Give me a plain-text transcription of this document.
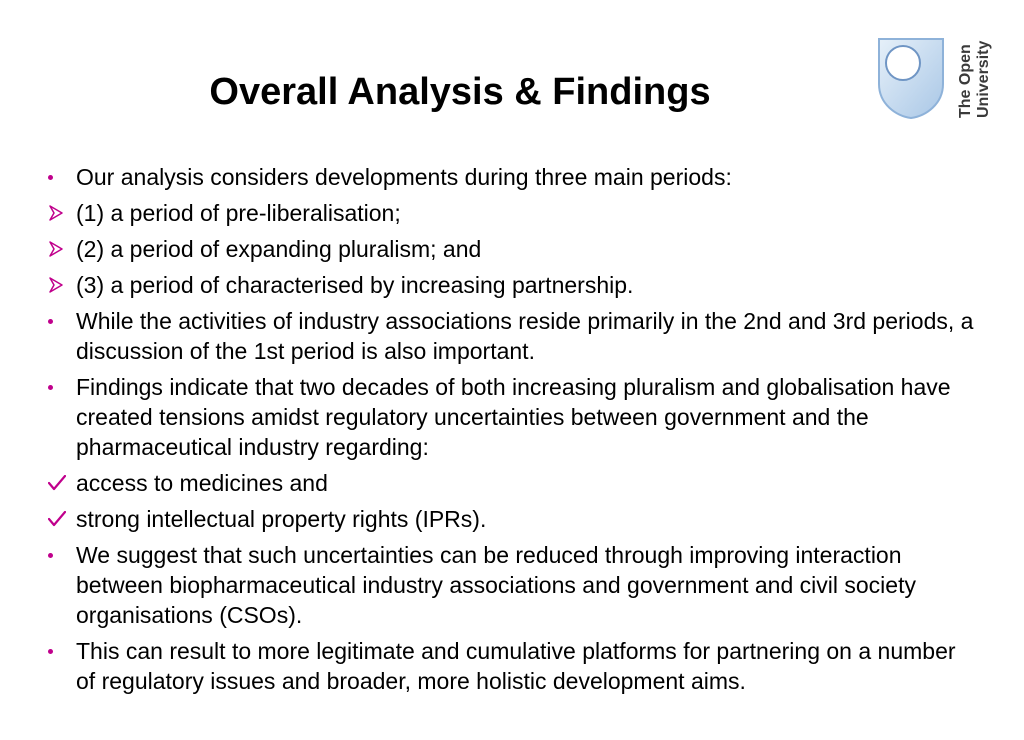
Overall Analysis & Findings	The Open University
Our analysis considers developments during three main periods:
(1) a period of pre-liberalisation;
(2) a period of expanding pluralism; and
(3) a period of characterised by increasing partnership.
While the activities of industry associations reside primarily in the 2nd and 3rd periods, a discussion of the 1st period is also important.
Findings indicate that two decades of both increasing pluralism and globalisation have created tensions amidst regulatory uncertainties between government and the pharmaceutical industry regarding:
access to medicines and
strong intellectual property rights (IPRs).
We suggest that such uncertainties can be reduced through improving interaction between biopharmaceutical industry associations and government and civil society organisations (CSOs).
This can result to more legitimate and cumulative platforms for partnering on a number of regulatory issues and broader, more holistic development aims.
